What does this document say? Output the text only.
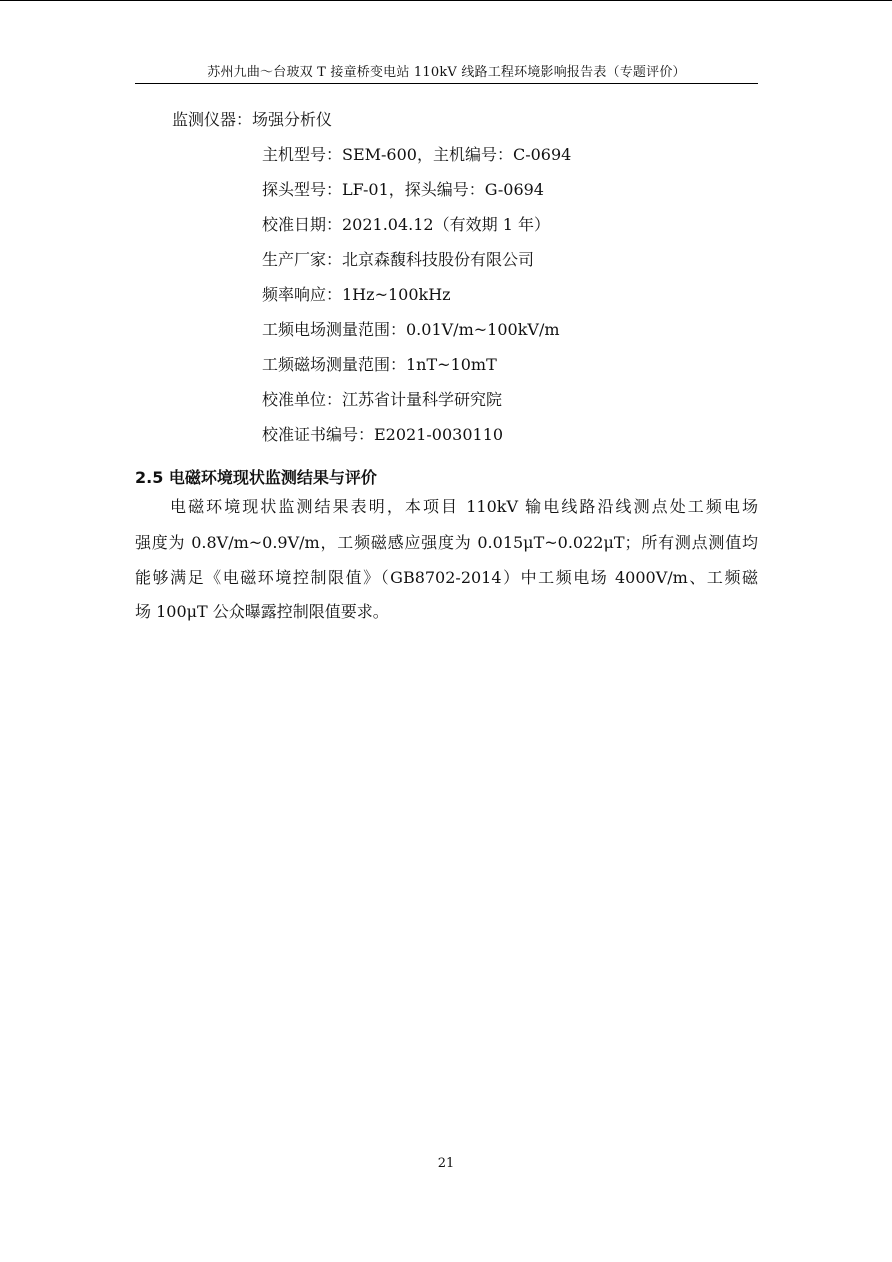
苏州九曲～台玻双 T 接童桥变电站 110kV 线路工程环境影响报告表（专题评价）
监测仪器：场强分析仪
主机型号：SEM-600，主机编号：C-0694
探头型号：LF-01，探头编号：G-0694
校准日期：2021.04.12（有效期 1 年）
生产厂家：北京森馥科技股份有限公司
频率响应：1Hz~100kHz
工频电场测量范围：0.01V/m~100kV/m
工频磁场测量范围：1nT~10mT
校准单位：江苏省计量科学研究院
校准证书编号：E2021-0030110
2.5 电磁环境现状监测结果与评价
电磁环境现状监测结果表明，本项目 110kV 输电线路沿线测点处工频电场
强度为 0.8V/m~0.9V/m，工频磁感应强度为 0.015μT~0.022μT；所有测点测值均
能够满足《电磁环境控制限值》（GB8702-2014）中工频电场 4000V/m、工频磁
场 100μT 公众曝露控制限值要求。
21
